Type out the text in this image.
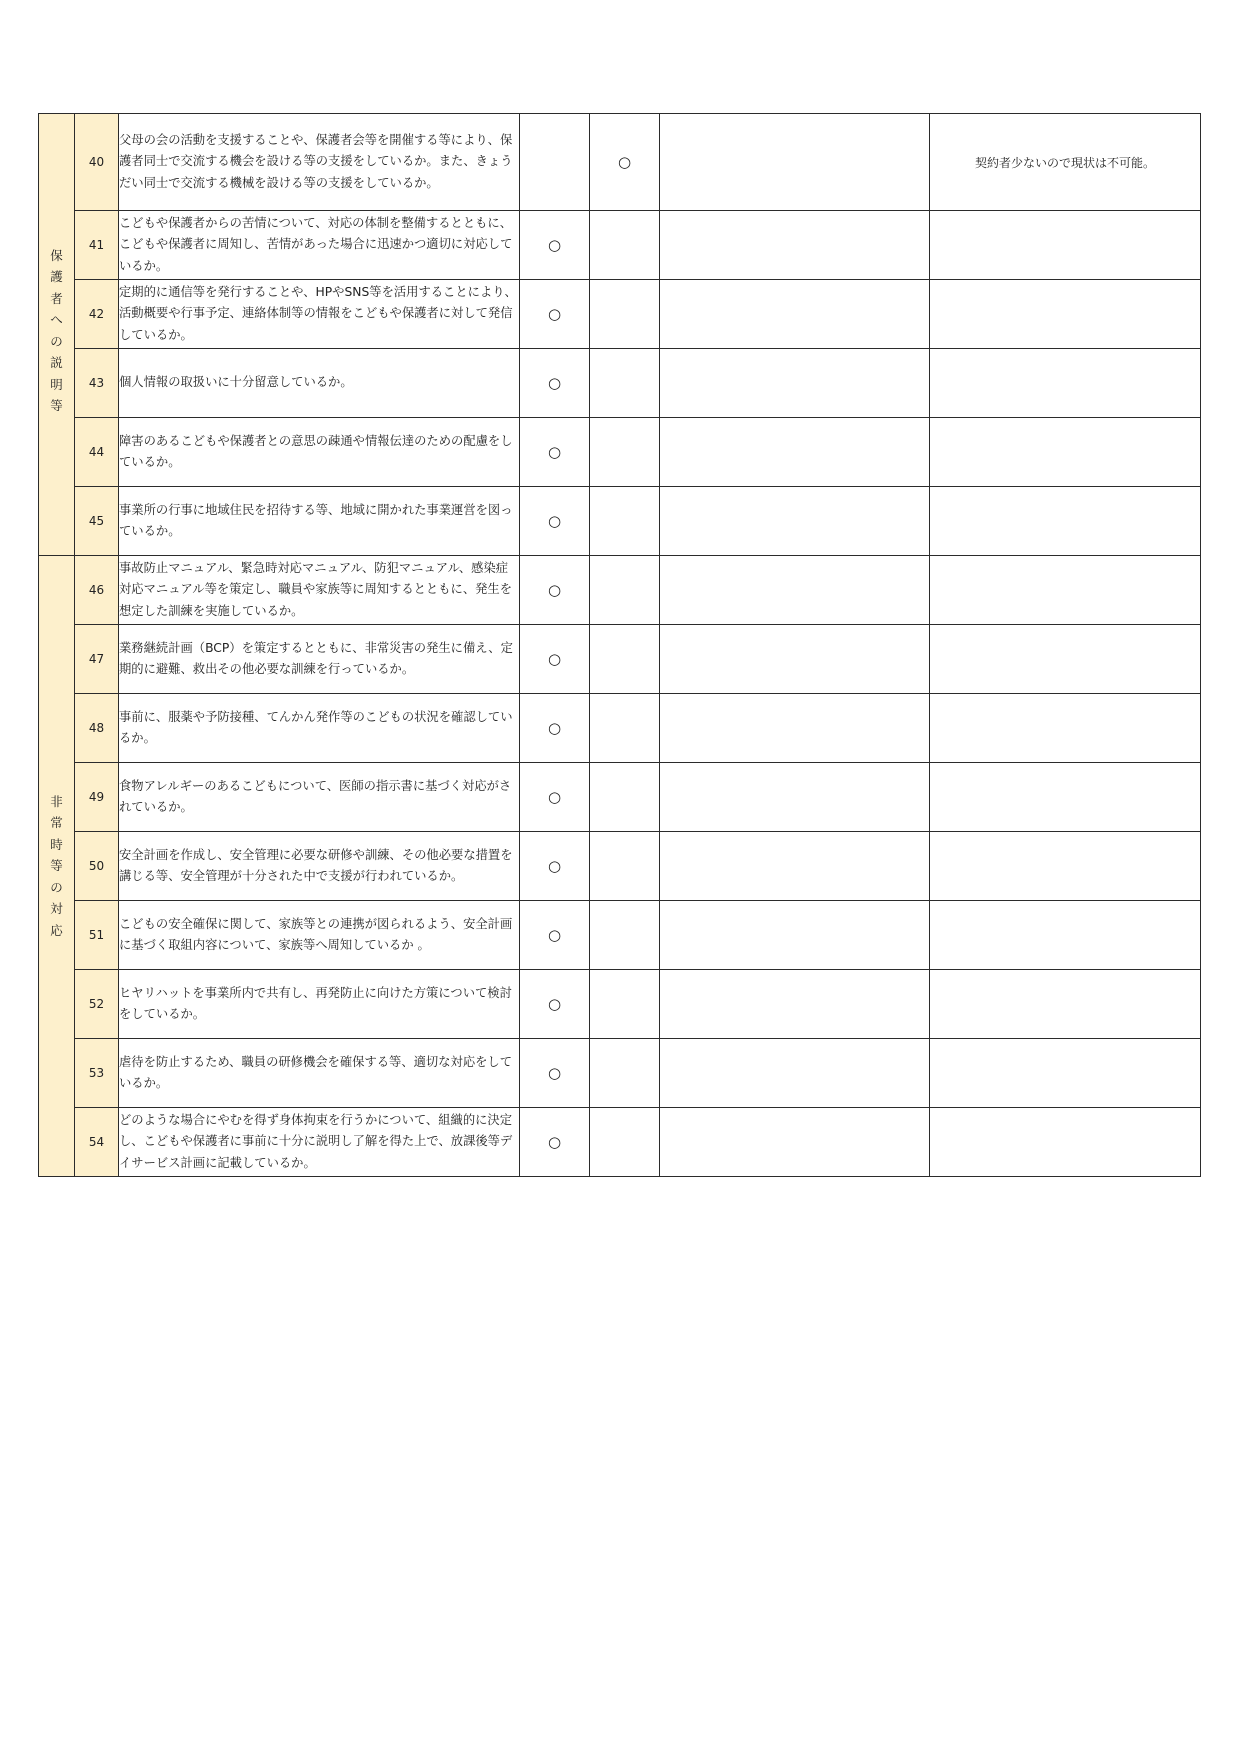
保護者への説明等	40	父母の会の活動を支援することや、保護者会等を開催する等により、保護者同士で交流する機会を設ける等の支援をしているか。また、きょうだい同士で交流する機械を設ける等の支援をしているか。		○		契約者少ないので現状は不可能。
	41	こどもや保護者からの苦情について、対応の体制を整備するとともに、こどもや保護者に周知し、苦情があった場合に迅速かつ適切に対応しているか。	○			
	42	定期的に通信等を発行することや、HPやSNS等を活用することにより、活動概要や行事予定、連絡体制等の情報をこどもや保護者に対して発信しているか。	○			
	43	個人情報の取扱いに十分留意しているか。	○			
	44	障害のあるこどもや保護者との意思の疎通や情報伝達のための配慮をしているか。	○			
	45	事業所の行事に地域住民を招待する等、地域に開かれた事業運営を図っているか。	○			
非常時等の対応	46	事故防止マニュアル、緊急時対応マニュアル、防犯マニュアル、感染症対応マニュアル等を策定し、職員や家族等に周知するとともに、発生を想定した訓練を実施しているか。	○			
	47	業務継続計画（BCP）を策定するとともに、非常災害の発生に備え、定期的に避難、救出その他必要な訓練を行っているか。	○			
	48	事前に、服薬や予防接種、てんかん発作等のこどもの状況を確認しているか。	○			
	49	食物アレルギーのあるこどもについて、医師の指示書に基づく対応がされているか。	○			
	50	安全計画を作成し、安全管理に必要な研修や訓練、その他必要な措置を講じる等、安全管理が十分された中で支援が行われているか。	○			
	51	こどもの安全確保に関して、家族等との連携が図られるよう、安全計画に基づく取組内容について、家族等へ周知しているか 。	○			
	52	ヒヤリハットを事業所内で共有し、再発防止に向けた方策について検討をしているか。	○			
	53	虐待を防止するため、職員の研修機会を確保する等、適切な対応をしているか。	○			
	54	どのような場合にやむを得ず身体拘束を行うかについて、組織的に決定し、こどもや保護者に事前に十分に説明し了解を得た上で、放課後等デイサービス計画に記載しているか。	○			
